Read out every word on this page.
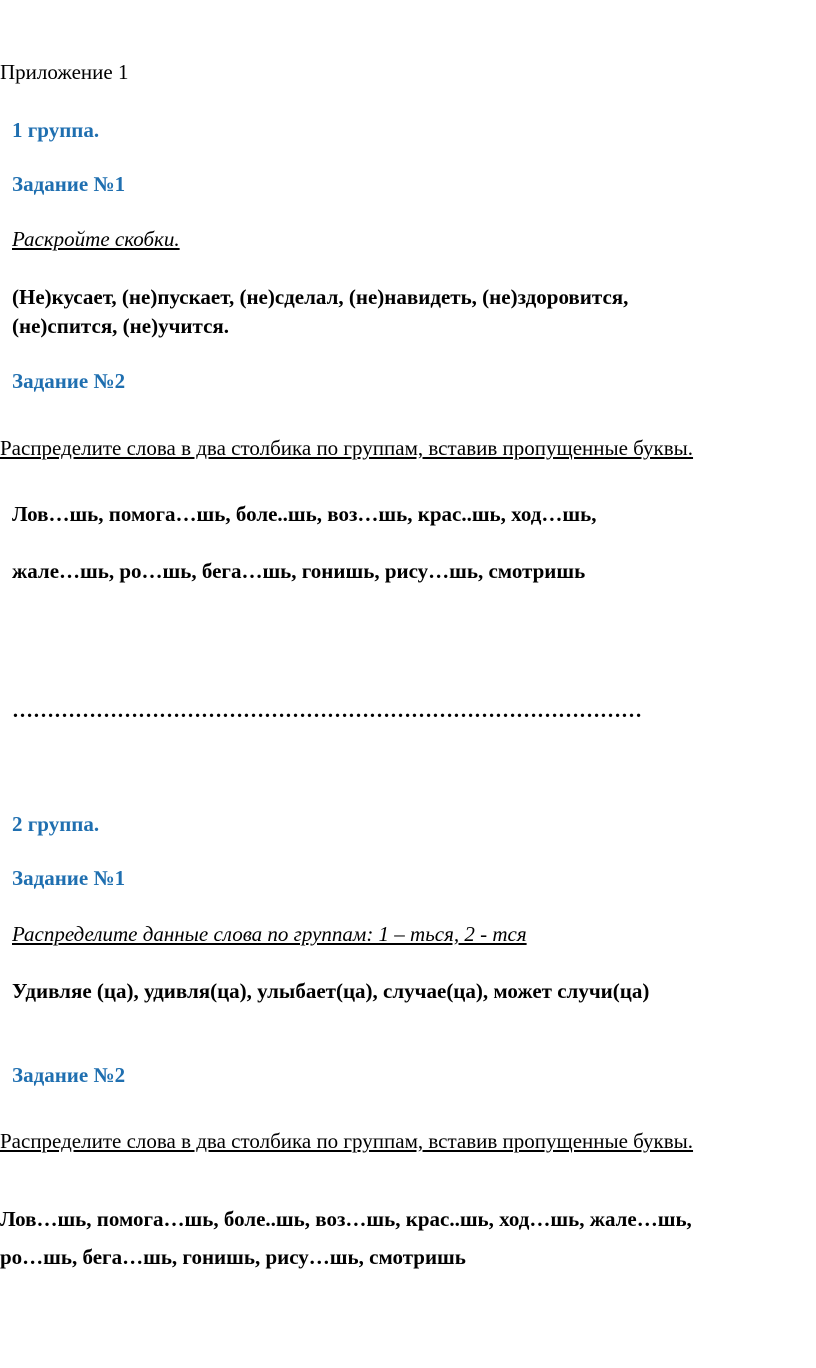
Приложение 1
1 группа.
Задание №1
Раскройте скобки.
(Не)кусает, (не)пускает, (не)сделал, (не)навидеть, (не)здоровится,
(не)спится, (не)учится.
Задание №2
Распределите слова в два столбика по группам, вставив пропущенные буквы.
Лов…шь, помога…шь, боле..шь, воз…шь, крас..шь, ход…шь,
жале…шь, ро…шь, бега…шь, гонишь, рису…шь, смотришь
………………………………………………………………………………
2 группа.
Задание №1
Распределите данные слова по группам: 1 – ться, 2 - тся
Удивляе (ца), удивля(ца), улыбает(ца), случае(ца), может случи(ца)
Задание №2
Распределите слова в два столбика по группам, вставив пропущенные буквы.
Лов…шь, помога…шь, боле..шь, воз…шь, крас..шь, ход…шь, жале…шь,
ро…шь, бега…шь, гонишь, рису…шь, смотришь
